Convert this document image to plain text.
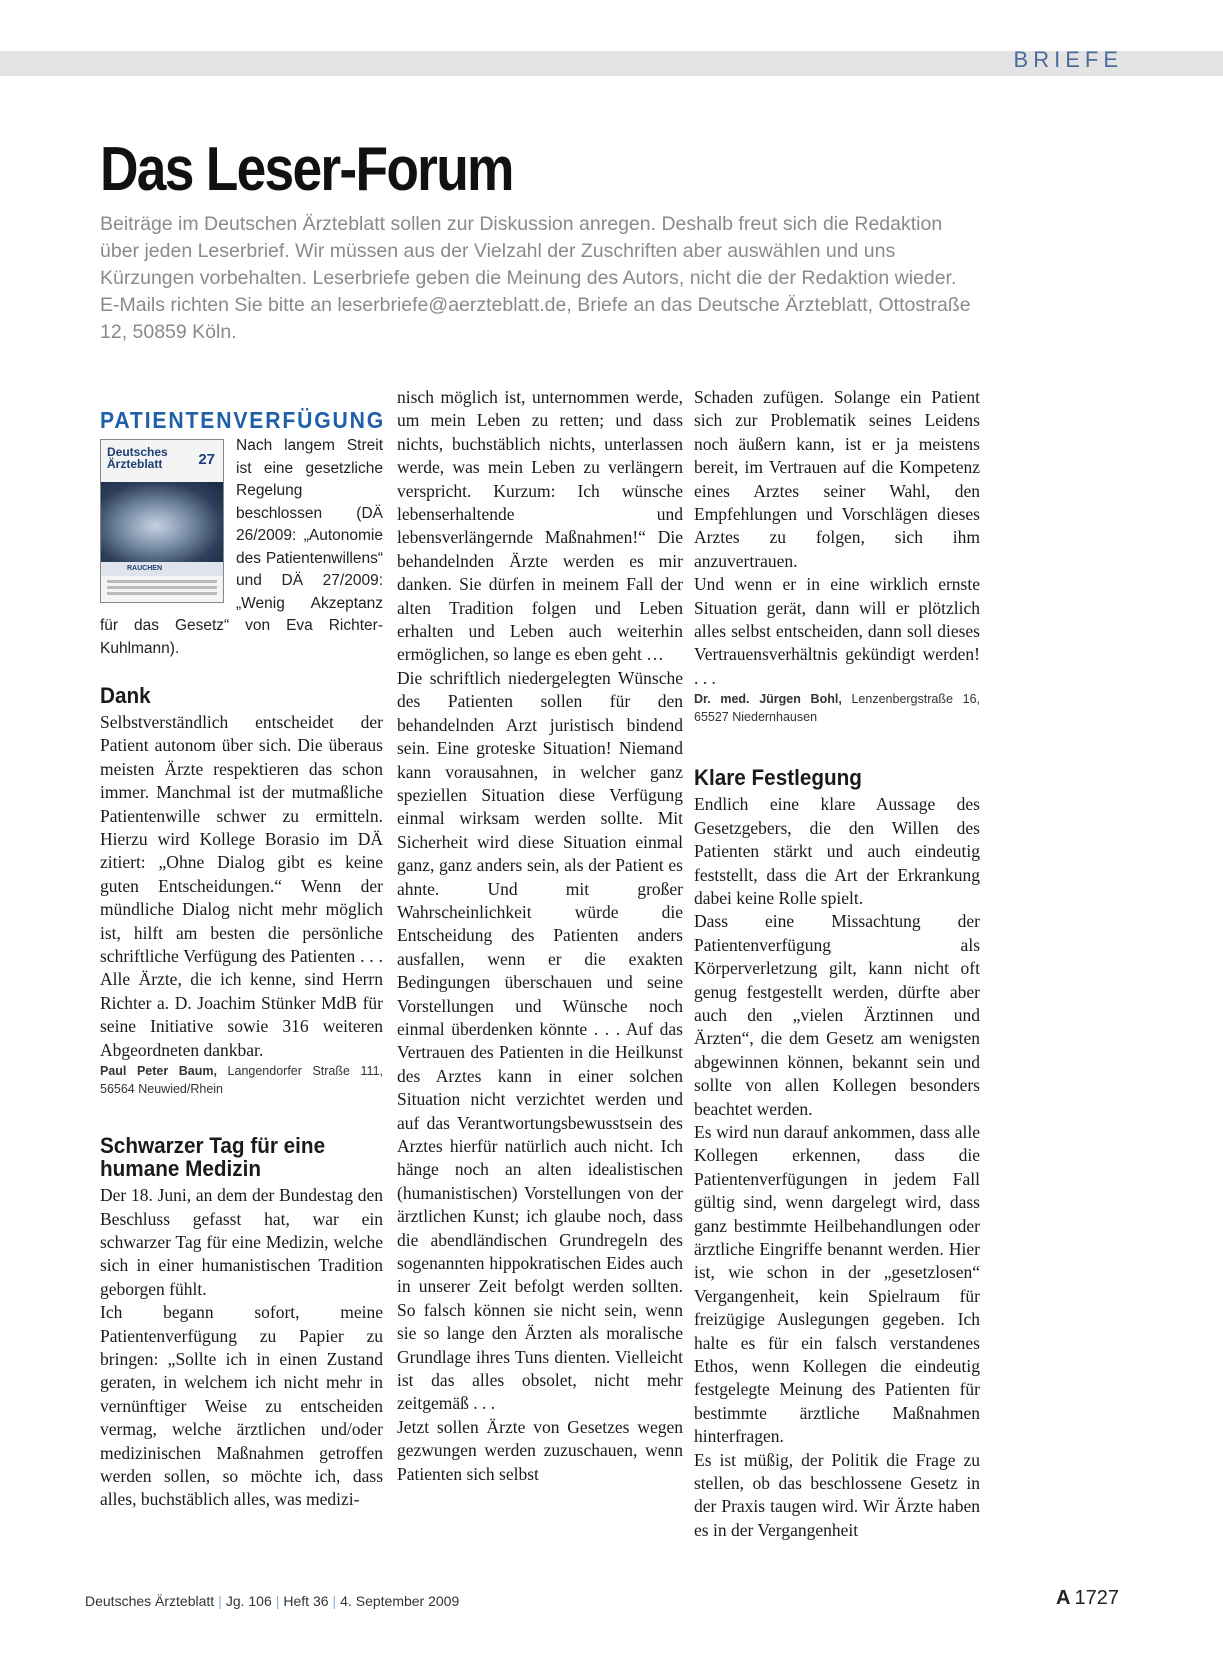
BRIEFE
Das Leser-Forum

Beiträge im Deutschen Ärzteblatt sollen zur Diskussion anregen. Deshalb freut sich die Redaktion über jeden Leserbrief. Wir müssen aus der Vielzahl der Zuschriften aber auswählen und uns Kürzungen vorbehalten. Leserbriefe geben die Meinung des Autors, nicht die der Redaktion wieder. E-Mails richten Sie bitte an leserbriefe@aerzteblatt.de, Briefe an das Deutsche Ärzteblatt, Ottostraße 12, 50859 Köln.

PATIENTENVERFÜGUNG
Deutsches Ärzteblatt	27
RAUCHEN

Nach langem Streit ist eine gesetzliche Regelung beschlossen (DÄ 26/2009: „Autonomie des Patientenwillens“ und DÄ 27/2009: „Wenig Akzeptanz für das Gesetz“ von Eva Richter-Kuhlmann).

Dank

Selbstverständlich entscheidet der Patient autonom über sich. Die überaus meisten Ärzte respektieren das schon immer. Manchmal ist der mutmaßliche Patientenwille schwer zu ermitteln. Hierzu wird Kollege Borasio im DÄ zitiert: „Ohne Dialog gibt es keine guten Entscheidungen.“ Wenn der mündliche Dialog nicht mehr möglich ist, hilft am besten die persönliche schriftliche Verfügung des Patienten . . . Alle Ärzte, die ich kenne, sind Herrn Richter a. D. Joachim Stünker MdB für seine Initiative sowie 316 weiteren Abgeordneten dankbar.

Paul Peter Baum, Langendorfer Straße 111, 56564 Neuwied/Rhein

Schwarzer Tag für eine humane Medizin

Der 18. Juni, an dem der Bundestag den Beschluss gefasst hat, war ein schwarzer Tag für eine Medizin, welche sich in einer humanistischen Tradition geborgen fühlt.

Ich begann sofort, meine Patientenverfügung zu Papier zu bringen: „Sollte ich in einen Zustand geraten, in welchem ich nicht mehr in vernünftiger Weise zu entscheiden vermag, welche ärztlichen und/oder medizinischen Maßnahmen getroffen werden sollen, so möchte ich, dass alles, buchstäblich alles, was medizi-

nisch möglich ist, unternommen werde, um mein Leben zu retten; und dass nichts, buchstäblich nichts, unterlassen werde, was mein Leben zu verlängern verspricht. Kurzum: Ich wünsche lebenserhaltende und lebensverlängernde Maßnahmen!“ Die behandelnden Ärzte werden es mir danken. Sie dürfen in meinem Fall der alten Tradition folgen und Leben erhalten und Leben auch weiterhin ermöglichen, so lange es eben geht …

Die schriftlich niedergelegten Wünsche des Patienten sollen für den behandelnden Arzt juristisch bindend sein. Eine groteske Situation! Niemand kann vorausahnen, in welcher ganz speziellen Situation diese Verfügung einmal wirksam werden sollte. Mit Sicherheit wird diese Situation einmal ganz, ganz anders sein, als der Patient es ahnte. Und mit großer Wahrscheinlichkeit würde die Entscheidung des Patienten anders ausfallen, wenn er die exakten Bedingungen überschauen und seine Vorstellungen und Wünsche noch einmal überdenken könnte . . . Auf das Vertrauen des Patienten in die Heilkunst des Arztes kann in einer solchen Situation nicht verzichtet werden und auf das Verantwortungsbewusstsein des Arztes hierfür natürlich auch nicht. Ich hänge noch an alten idealistischen (humanistischen) Vorstellungen von der ärztlichen Kunst; ich glaube noch, dass die abendländischen Grundregeln des sogenannten hippokratischen Eides auch in unserer Zeit befolgt werden sollten. So falsch können sie nicht sein, wenn sie so lange den Ärzten als moralische Grundlage ihres Tuns dienten. Vielleicht ist das alles obsolet, nicht mehr zeitgemäß . . .

Jetzt sollen Ärzte von Gesetzes wegen gezwungen werden zuzuschauen, wenn Patienten sich selbst

Schaden zufügen. Solange ein Patient sich zur Problematik seines Leidens noch äußern kann, ist er ja meistens bereit, im Vertrauen auf die Kompetenz eines Arztes seiner Wahl, den Empfehlungen und Vorschlägen dieses Arztes zu folgen, sich ihm anzuvertrauen.

Und wenn er in eine wirklich ernste Situation gerät, dann will er plötzlich alles selbst entscheiden, dann soll dieses Vertrauensverhältnis gekündigt werden! . . .

Dr. med. Jürgen Bohl, Lenzenbergstraße 16, 65527 Niedernhausen

Klare Festlegung

Endlich eine klare Aussage des Gesetzgebers, die den Willen des Patienten stärkt und auch eindeutig feststellt, dass die Art der Erkrankung dabei keine Rolle spielt.

Dass eine Missachtung der Patientenverfügung als Körperverletzung gilt, kann nicht oft genug festgestellt werden, dürfte aber auch den „vielen Ärztinnen und Ärzten“, die dem Gesetz am wenigsten abgewinnen können, bekannt sein und sollte von allen Kollegen besonders beachtet werden.

Es wird nun darauf ankommen, dass alle Kollegen erkennen, dass die Patientenverfügungen in jedem Fall gültig sind, wenn dargelegt wird, dass ganz bestimmte Heilbehandlungen oder ärztliche Eingriffe benannt werden. Hier ist, wie schon in der „gesetzlosen“ Vergangenheit, kein Spielraum für freizügige Auslegungen gegeben. Ich halte es für ein falsch verstandenes Ethos, wenn Kollegen die eindeutig festgelegte Meinung des Patienten für bestimmte ärztliche Maßnahmen hinterfragen.

Es ist müßig, der Politik die Frage zu stellen, ob das beschlossene Gesetz in der Praxis taugen wird. Wir Ärzte haben es in der Vergangenheit

Deutsches Ärzteblatt | Jg. 106 | Heft 36 | 4. September 2009	A 1727
